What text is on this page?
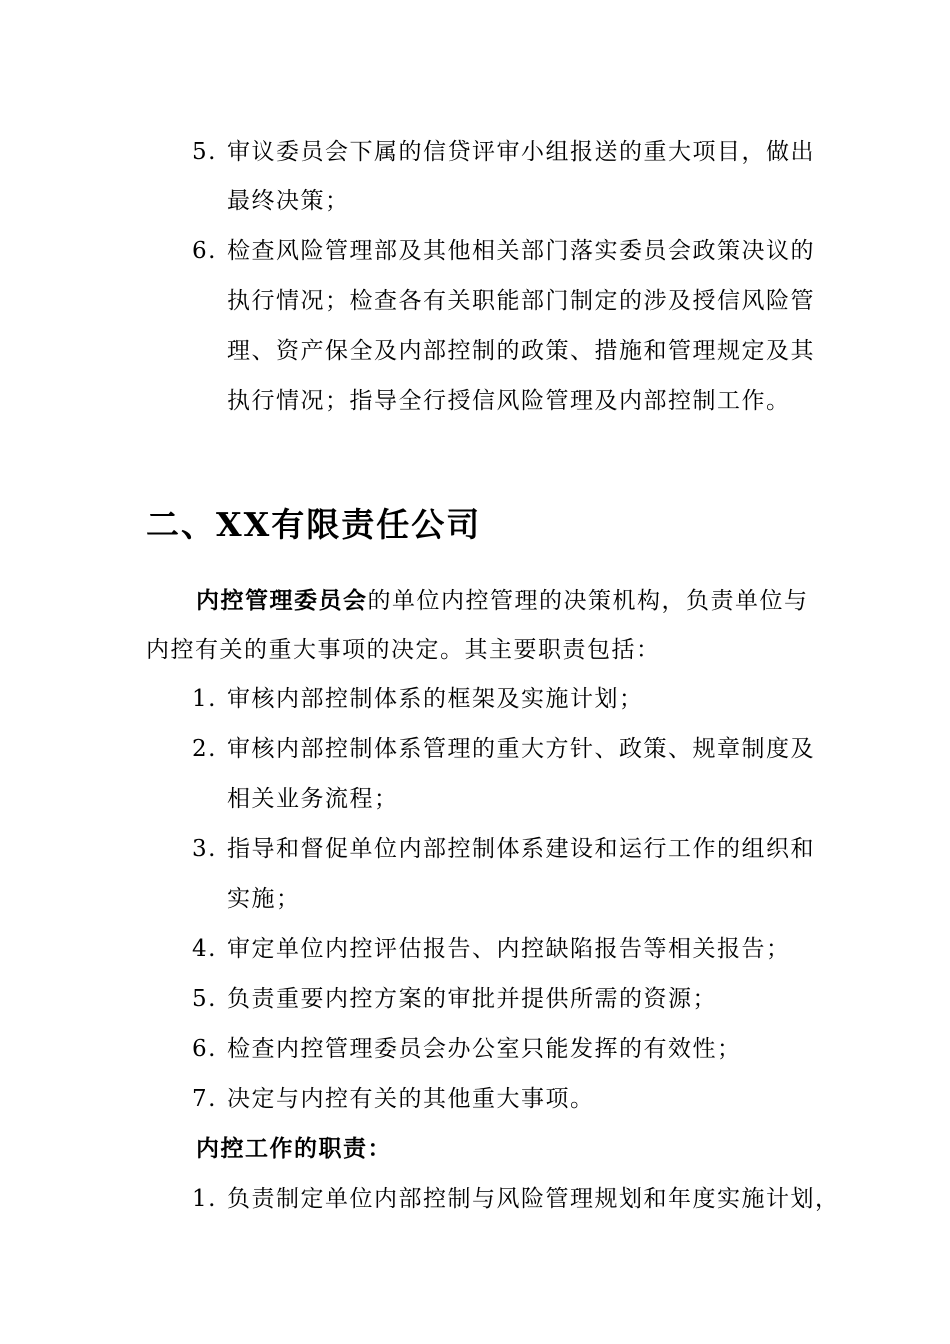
5. 审议委员会下属的信贷评审小组报送的重大项目，做出
最终决策；
6. 检查风险管理部及其他相关部门落实委员会政策决议的
执行情况；检查各有关职能部门制定的涉及授信风险管
理、资产保全及内部控制的政策、措施和管理规定及其
执行情况；指导全行授信风险管理及内部控制工作。
二、XX有限责任公司
内控管理委员会的单位内控管理的决策机构，负责单位与
内控有关的重大事项的决定。其主要职责包括：
1. 审核内部控制体系的框架及实施计划；
2. 审核内部控制体系管理的重大方针、政策、规章制度及
相关业务流程；
3. 指导和督促单位内部控制体系建设和运行工作的组织和
实施；
4. 审定单位内控评估报告、内控缺陷报告等相关报告；
5. 负责重要内控方案的审批并提供所需的资源；
6. 检查内控管理委员会办公室只能发挥的有效性；
7. 决定与内控有关的其他重大事项。
内控工作的职责：
1. 负责制定单位内部控制与风险管理规划和年度实施计划，
